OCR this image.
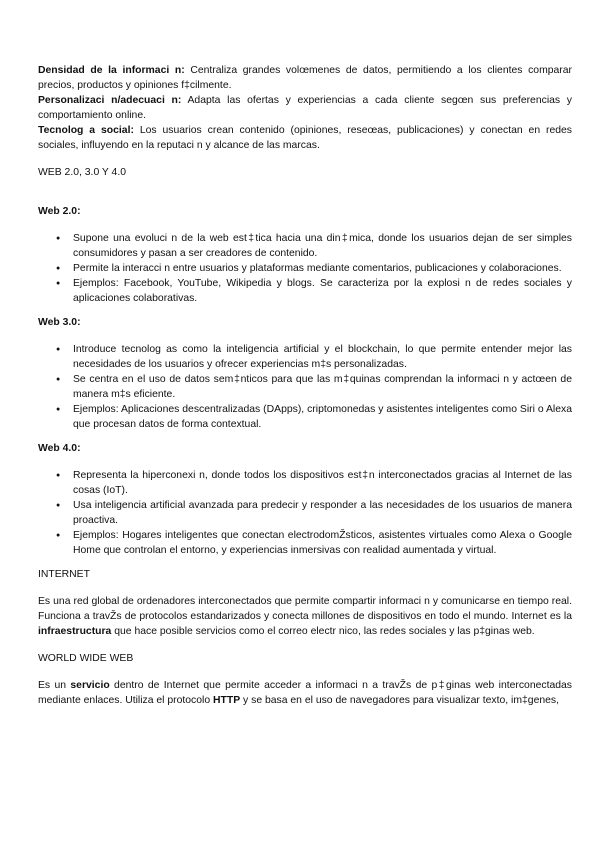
Densidad de la informaci n: Centraliza grandes volœmenes de datos, permitiendo a los clientes comparar precios, productos y opiniones f‡cilmente.

Personalizaci n/adecuaci n: Adapta las ofertas y experiencias a cada cliente segœn sus preferencias y comportamiento online.

Tecnolog a social: Los usuarios crean contenido (opiniones, reseœas, publicaciones) y conectan en redes sociales, influyendo en la reputaci n y alcance de las marcas.

WEB 2.0, 3.0 Y 4.0

Web 2.0:

● Supone una evoluci n de la web est‡tica hacia una din‡mica, donde los usuarios dejan de ser simples consumidores y pasan a ser creadores de contenido.
● Permite la interacci n entre usuarios y plataformas mediante comentarios, publicaciones y colaboraciones.
● Ejemplos: Facebook, YouTube, Wikipedia y blogs. Se caracteriza por la explosi n de redes sociales y aplicaciones colaborativas.

Web 3.0:

● Introduce tecnolog as como la inteligencia artificial y el blockchain, lo que permite entender mejor las necesidades de los usuarios y ofrecer experiencias m‡s personalizadas.
● Se centra en el uso de datos sem‡nticos para que las m‡quinas comprendan la informaci n y actœen de manera m‡s eficiente.
● Ejemplos: Aplicaciones descentralizadas (DApps), criptomonedas y asistentes inteligentes como Siri o Alexa que procesan datos de forma contextual.

Web 4.0:

● Representa la hiperconexi n, donde todos los dispositivos est‡n interconectados gracias al Internet de las cosas (IoT).
● Usa inteligencia artificial avanzada para predecir y responder a las necesidades de los usuarios de manera proactiva.
● Ejemplos: Hogares inteligentes que conectan electrodomŽsticos, asistentes virtuales como Alexa o Google Home que controlan el entorno, y experiencias inmersivas con realidad aumentada y virtual.

INTERNET

Es una red global de ordenadores interconectados que permite compartir informaci n y comunicarse en tiempo real. Funciona a travŽs de protocolos estandarizados y conecta millones de dispositivos en todo el mundo. Internet es la infraestructura que hace posible servicios como el correo electr nico, las redes sociales y las p‡ginas web.

WORLD WIDE WEB

Es un servicio dentro de Internet que permite acceder a informaci n a travŽs de p‡ginas web interconectadas mediante enlaces. Utiliza el protocolo HTTP y se basa en el uso de navegadores para visualizar texto, im‡genes,
